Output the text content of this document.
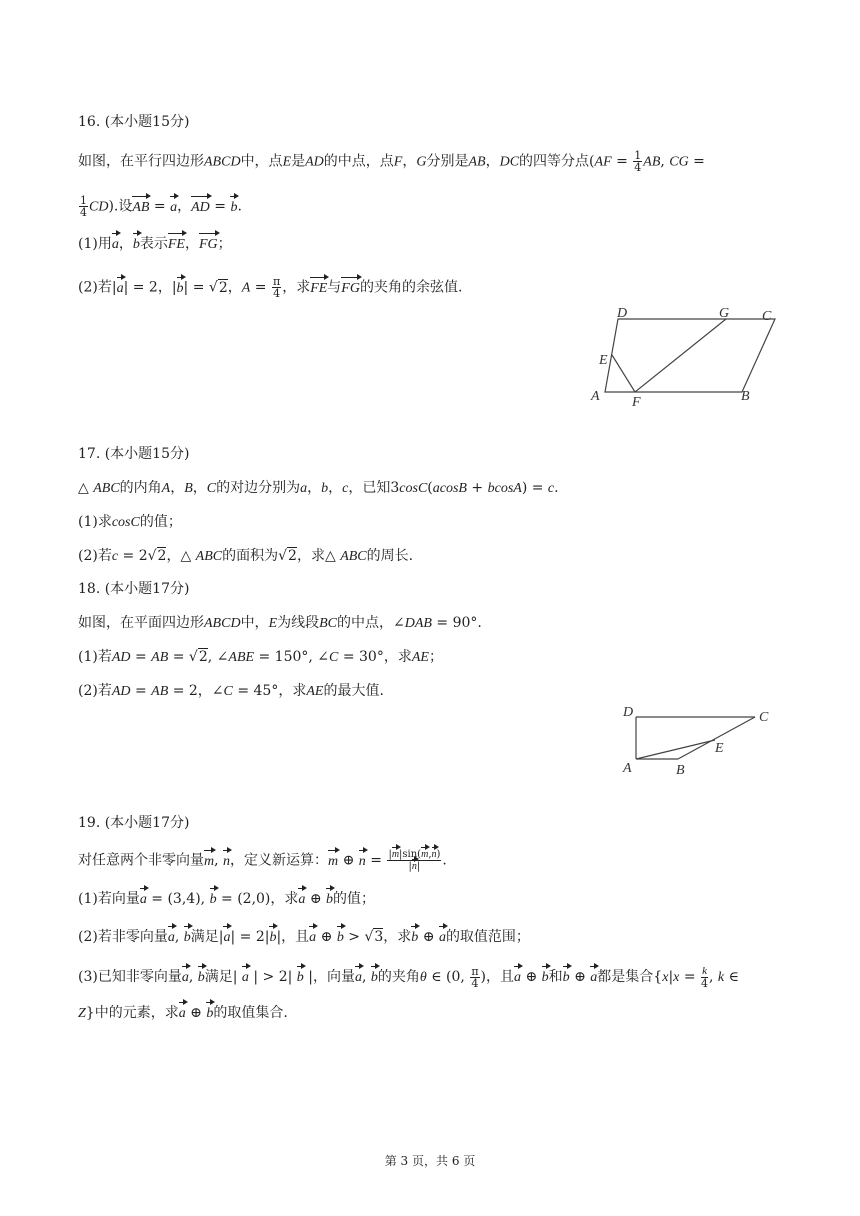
16. (本小题15分)
如图，在平行四边形ABCD中，点E是AD的中点，点F，G分别是AB，DC的四等分点($AF = \frac{1}{4}$ AB, CG =
$\frac{1}{4} CD$).设AB = a，AD = b.
(1)用a，b表示FE，FG；
(2)若|a| = 2，|b| = √2，$A = \frac{\pi}{4}$ ，求FE与FG的夹角的余弦值.
D	G C
E
A F	B
17. (本小题15分)
△ ABC的内角A，B，C的对边分别为a，b，c，已知3cosC(acosB + bcosA) = c.
(1)求cosC的值；
(2)若c = 2√2，△ ABC的面积为√2，求△ ABC的周长.
18. (本小题17分)
如图，在平面四边形ABCD中，E为线段BC的中点，∠DAB = 90°.
(1)若AD = AB = √2, ∠ABE = 150°, ∠C = 30°，求AE；
(2)若AD = AB = 2，∠C = 45°，求AE的最大值.
D	C
E
A	B
19. (本小题17分)
对任意两个非零向量m, n，定义新运算：m ⊕ $n = \frac{|m|\sin(m,n)}{|n|}$ .
(1)若向量a = (3,4), b = (2,0)，求a ⊕ b的值；
(2)若非零向量a, b满足|a| = 2|b|，且a ⊕ b > √3，求b ⊕ a的取值范围；
(3)已知非零向量a, b满足| a | > 2| b |，向量a, b的夹角θ ∈ (0, $\frac{\pi}{4}$ )，且a ⊕ b和b ⊕ a都是集合{$x|x = \frac{k}{4}$ , k ∈
Z}中的元素，求a ⊕ b的取值集合.
第 3 页，共 6 页
